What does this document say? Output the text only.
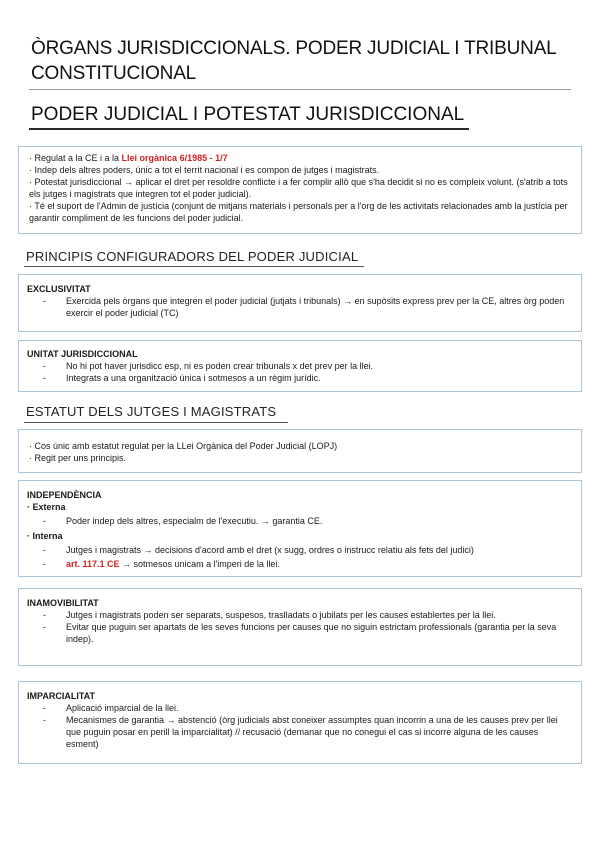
ÒRGANS JURISDICCIONALS. PODER JUDICIAL I TRIBUNAL CONSTITUCIONAL
PODER JUDICIAL I POTESTAT JURISDICCIONAL

· Regulat a la CE i a la Llei orgànica 6/1985 - 1/7

· Indep dels altres poders, únic a tot el territ nacional i es compon de jutges i magistrats.

· Potestat jurisdiccional → aplicar el dret per resoldre conflicte i a fer complir allò que s'ha decidit si no es compleix volunt. (s'atrib a tots els jutges i magistrats que integren tot el poder judicial).

· Té el suport de l'Admin de justícia (conjunt de mitjans materials i personals per a l'org de les activitats relacionades amb la justícia per garantir compliment de les funcions del poder judicial.

PRINCIPIS CONFIGURADORS DEL PODER JUDICIAL

EXCLUSIVITAT

- Exercida pels òrgans que integren el poder judicial (jutjats i tribunals) → en supòsits express prev per la CE, altres òrg poden exercir el poder judicial (TC)

UNITAT JURISDICCIONAL

- No hi pot haver jurisdicc esp, ni es poden crear tribunals x det prev per la llei.
- Integrats a una organització única i sotmesos a un règim jurídic.
ESTATUT DELS JUTGES I MAGISTRATS

· Cos únic amb estatut regulat per la LLei Orgànica del Poder Judicial (LOPJ)

· Regit per uns principis.

INDEPENDÈNCIA

· Externa

- Poder indep dels altres, especialm de l'executiu. → garantia CE.

· Interna

- Jutges i magistrats → decisions d'acord amb el dret (x sugg, ordres o instrucc relatiu als fets del judici)
- art. 117.1 CE → sotmesos unicam a l'imperi de la llei.

INAMOVIBILITAT

- Jutges i magistrats poden ser separats, suspesos, traslladats o jubilats per les causes establertes per la llei.
- Evitar que puguin ser apartats de les seves funcions per causes que no siguin estrictam professionals (garantia per la seva indep).

IMPARCIALITAT

- Aplicació imparcial de la llei.
- Mecanismes de garantia → abstenció (òrg judicials abst coneixer assumptes quan incorrin a una de les causes prev per llei que puguin posar en perill la imparcialitat) // recusació (demanar que no conegui el cas si incorre alguna de les causes esment)
